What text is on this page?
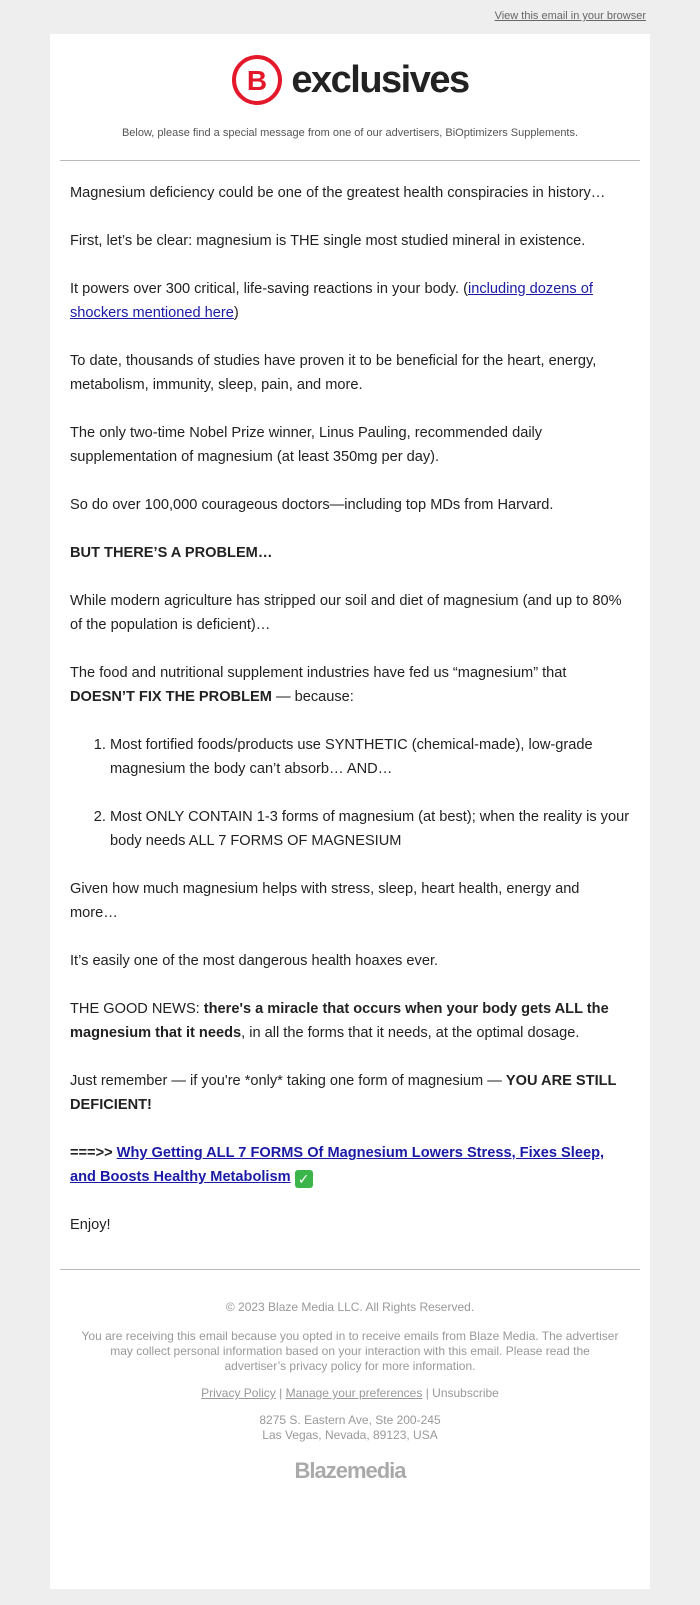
View this email in your browser
B exclusives
Below, please find a special message from one of our advertisers, BiOptimizers Supplements.

Magnesium deficiency could be one of the greatest health conspiracies in history…

First, let’s be clear: magnesium is THE single most studied mineral in existence.

It powers over 300 critical, life-saving reactions in your body. (including dozens of shockers mentioned here)

To date, thousands of studies have proven it to be beneficial for the heart, energy, metabolism, immunity, sleep, pain, and more.

The only two-time Nobel Prize winner, Linus Pauling, recommended daily supplementation of magnesium (at least 350mg per day).

So do over 100,000 courageous doctors—including top MDs from Harvard.

BUT THERE’S A PROBLEM…

While modern agriculture has stripped our soil and diet of magnesium (and up to 80% of the population is deficient)…

The food and nutritional supplement industries have fed us “magnesium” that DOESN’T FIX THE PROBLEM — because:

1. Most fortified foods/products use SYNTHETIC (chemical-made), low-grade magnesium the body can’t absorb… AND…
2. Most ONLY CONTAIN 1-3 forms of magnesium (at best); when the reality is your body needs ALL 7 FORMS OF MAGNESIUM

Given how much magnesium helps with stress, sleep, heart health, energy and more…

It’s easily one of the most dangerous health hoaxes ever.

THE GOOD NEWS: there's a miracle that occurs when your body gets ALL the magnesium that it needs, in all the forms that it needs, at the optimal dosage.

Just remember — if you're *only* taking one form of magnesium — YOU ARE STILL DEFICIENT!

===>> Why Getting ALL 7 FORMS Of Magnesium Lowers Stress, Fixes Sleep, and Boosts Healthy Metabolism ✓

Enjoy!

© 2023 Blaze Media LLC. All Rights Reserved.
You are receiving this email because you opted in to receive emails from Blaze Media. The advertiser may collect personal information based on your interaction with this email. Please read the advertiser’s privacy policy for more information.
Privacy Policy | Manage your preferences | Unsubscribe
8275 S. Eastern Ave, Ste 200-245
Las Vegas, Nevada, 89123, USA
Blazemedia
